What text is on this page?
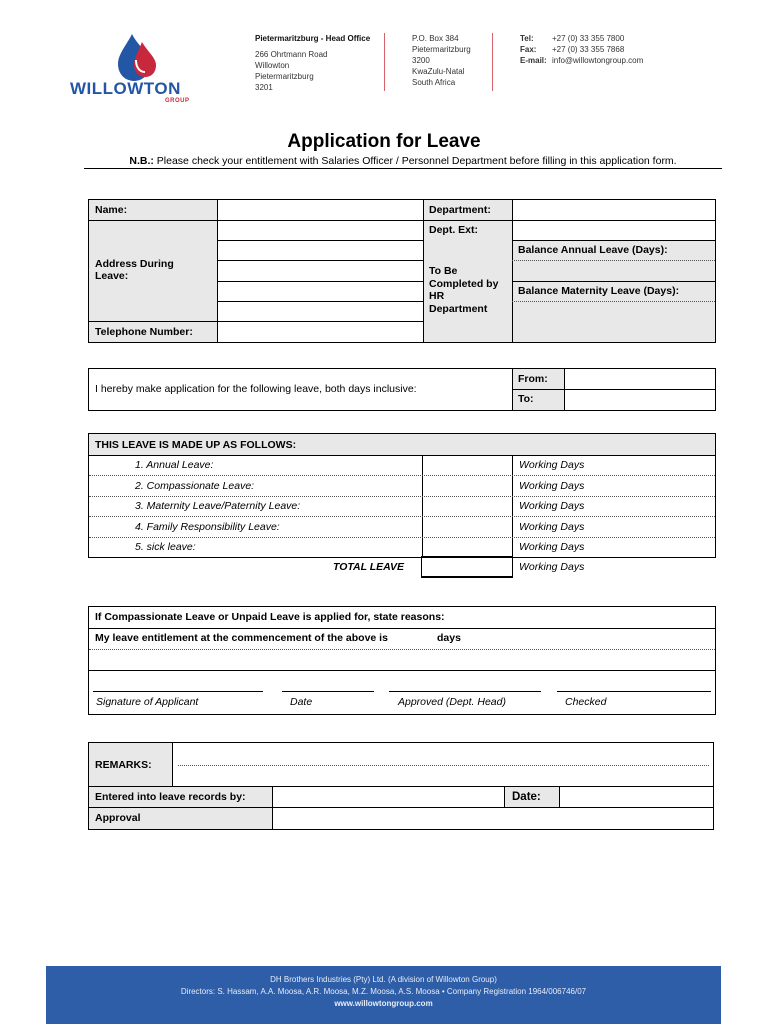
WILLOWTON
GROUP
Pietermaritzburg - Head Office
266 Ohrtmann Road
Willowton
Pietermaritzburg
3201
P.O. Box 384
Pietermaritzburg
3200
KwaZulu-Natal
South Africa
Tel: +27 (0) 33 355 7800
Fax: +27 (0) 33 355 7868
E-mail: info@willowtongroup.com
Application for Leave
N.B.: Please check your entitlement with Salaries Officer / Personnel Department before filling in this application form.
Name:	Department:
Dept. Ext:
Address During Leave:	To Be Completed by HR Department
Balance Annual Leave (Days):
Balance Maternity Leave (Days):
Telephone Number:
I hereby make application for the following leave, both days inclusive:
From:
To:
THIS LEAVE IS MADE UP AS FOLLOWS:
1. Annual Leave:	Working Days
2. Compassionate Leave:	Working Days
3. Maternity Leave/Paternity Leave:	Working Days
4. Family Responsibility Leave:	Working Days
5. sick leave:	Working Days
TOTAL LEAVE	Working Days
If Compassionate Leave or Unpaid Leave is applied for, state reasons:
My leave entitlement at the commencement of the above is	days
Signature of Applicant	Date	Approved (Dept. Head)	Checked
REMARKS:
Entered into leave records by:	Date:
Approval
DH Brothers Industries (Pty) Ltd. (A division of Willowton Group)
Directors: S. Hassam, A.A. Moosa, A.R. Moosa, M.Z. Moosa, A.S. Moosa • Company Registration 1964/006746/07
www.willowtongroup.com
